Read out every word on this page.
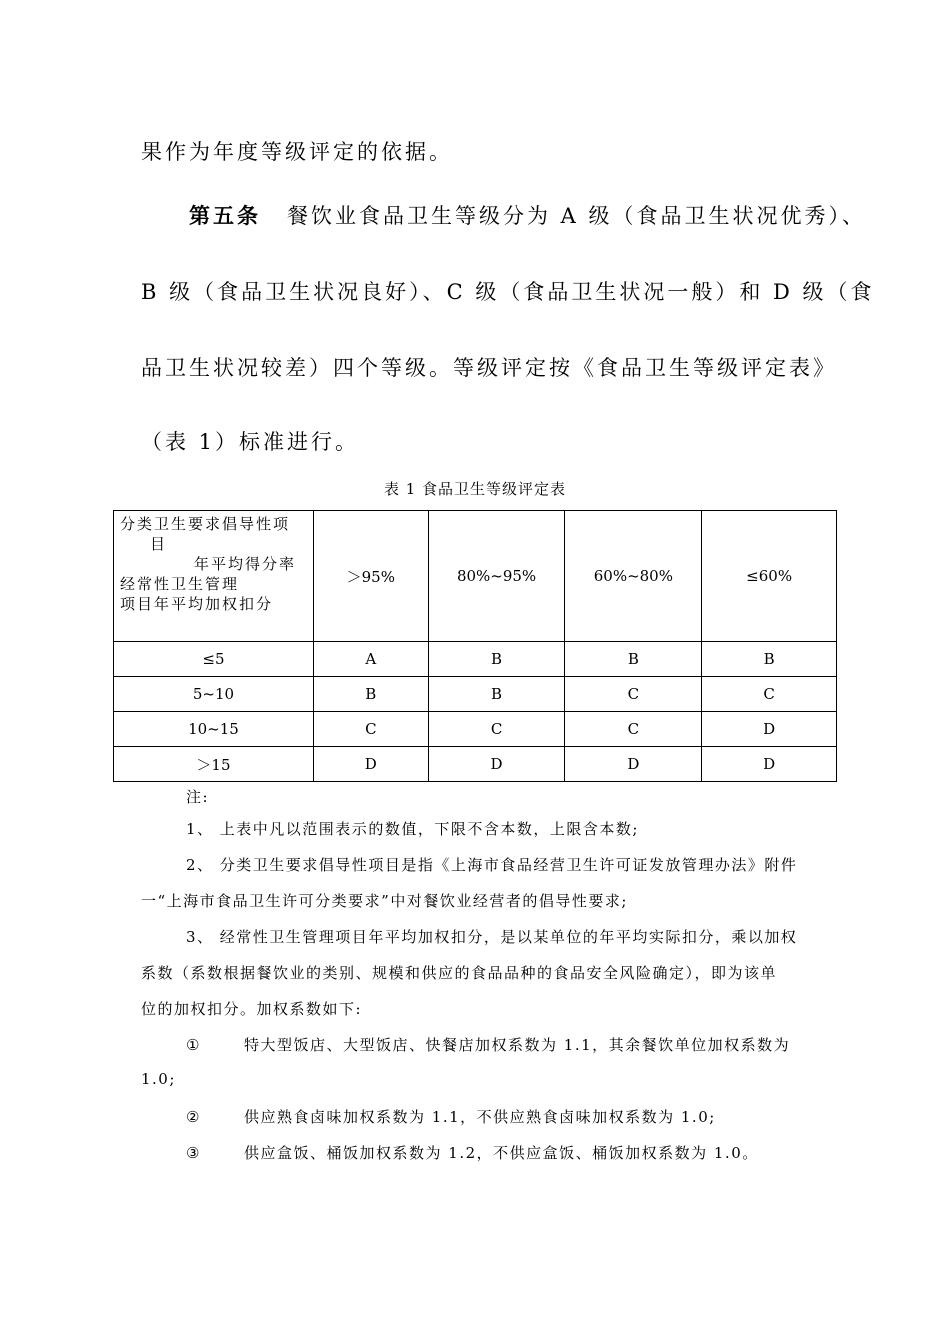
果作为年度等级评定的依据。
第五条 餐饮业食品卫生等级分为 A 级（食品卫生状况优秀）、
B 级（食品卫生状况良好）、C 级（食品卫生状况一般）和 D 级（食
品卫生状况较差）四个等级。等级评定按《食品卫生等级评定表》
（表 1）标准进行。
表 1 食品卫生等级评定表
分类卫生要求倡导性项
目
年平均得分率
经常性卫生管理
项目年平均加权扣分	＞95%	80%~95%	60%~80%	≤60%
≤5	A	B	B	B
5~10	B	B	C	C
10~15	C	C	C	D
＞15	D	D	D	D
注:
1、 上表中凡以范围表示的数值，下限不含本数，上限含本数;
2、 分类卫生要求倡导性项目是指《上海市食品经营卫生许可证发放管理办法》附件
一“上海市食品卫生许可分类要求”中对餐饮业经营者的倡导性要求;
3、 经常性卫生管理项目年平均加权扣分，是以某单位的年平均实际扣分，乘以加权
系数（系数根据餐饮业的类别、规模和供应的食品品种的食品安全风险确定），即为该单
位的加权扣分。加权系数如下:
①	特大型饭店、大型饭店、快餐店加权系数为 1.1，其余餐饮单位加权系数为
1.0;
②	供应熟食卤味加权系数为 1.1，不供应熟食卤味加权系数为 1.0;
③	供应盒饭、桶饭加权系数为 1.2，不供应盒饭、桶饭加权系数为 1.0。
